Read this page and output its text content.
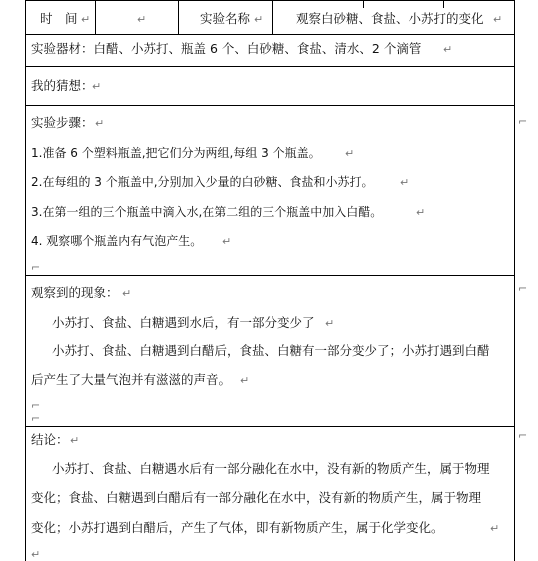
时　间 ↵	↵	实验名称 ↵	观察白砂糖、食盐、小苏打的变化 ↵
实验器材：白醋、小苏打、瓶盖 6 个、白砂糖、食盐、清水、2 个滴管 ↵
我的猜想：
↵
实验步骤： ↵
1.准备 6 个塑料瓶盖,把它们分为两组,每组 3 个瓶盖。 ↵
2.在每组的 3 个瓶盖中,分别加入少量的白砂糖、食盐和小苏打。 ↵
3.在第一组的三个瓶盖中滴入水,在第二组的三个瓶盖中加入白醋。	↵
4. 观察哪个瓶盖内有气泡产生。 ↵
⌐
⌐
观察到的现象： ↵	⌐
小苏打、食盐、白糖遇到水后，有一部分变少了 ↵
小苏打、食盐、白糖遇到白醋后，食盐、白糖有一部分变少了；小苏打遇到白醋
后产生了大量气泡并有滋滋的声音。 ↵
⌐
⌐
结论： ↵	⌐
小苏打、食盐、白糖遇水后有一部分融化在水中，没有新的物质产生，属于物理
变化；食盐、白糖遇到白醋后有一部分融化在水中，没有新的物质产生，属于物理
变化；小苏打遇到白醋后，产生了气体，即有新物质产生，属于化学变化。	↵
↵
